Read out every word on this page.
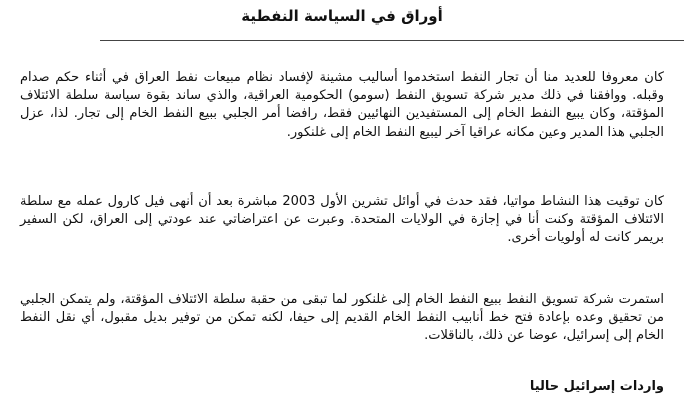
أوراق في السياسة النفطية

كان معروفا للعديد منا أن تجار النفط استخدموا أساليب مشينة لإفساد نظام مبيعات نفط العراق في أثناء حكم صدام وقبله. ووافقنا في ذلك مدير شركة تسويق النفط (سومو) الحكومية العراقية، والذي ساند بقوة سياسة سلطة الائتلاف المؤقتة، وكان يبيع النفط الخام إلى المستفيدين النهائيين فقط، رافضا أمر الجلبي ببيع النفط الخام إلى تجار. لذا، عزل الجلبي هذا المدير وعين مكانه عراقيا آخر ليبيع النفط الخام إلى غلنكور.

كان توقيت هذا النشاط مواتيا، فقد حدث في أوائل تشرين الأول 2003 مباشرة بعد أن أنهى فيل كارول عمله مع سلطة الائتلاف المؤقتة وكنت أنا في إجازة في الولايات المتحدة. وعبرت عن اعتراضاتي عند عودتي إلى العراق، لكن السفير بريمر كانت له أولويات أخرى.

استمرت شركة تسويق النفط ببيع النفط الخام إلى غلنكور لما تبقى من حقبة سلطة الائتلاف المؤقتة، ولم يتمكن الجلبي من تحقيق وعده بإعادة فتح خط أنابيب النفط الخام القديم إلى حيفا، لكنه تمكن من توفير بديل مقبول، أي نقل النفط الخام إلى إسرائيل، عوضا عن ذلك، بالناقلات.

واردات إسرائيل حاليا
